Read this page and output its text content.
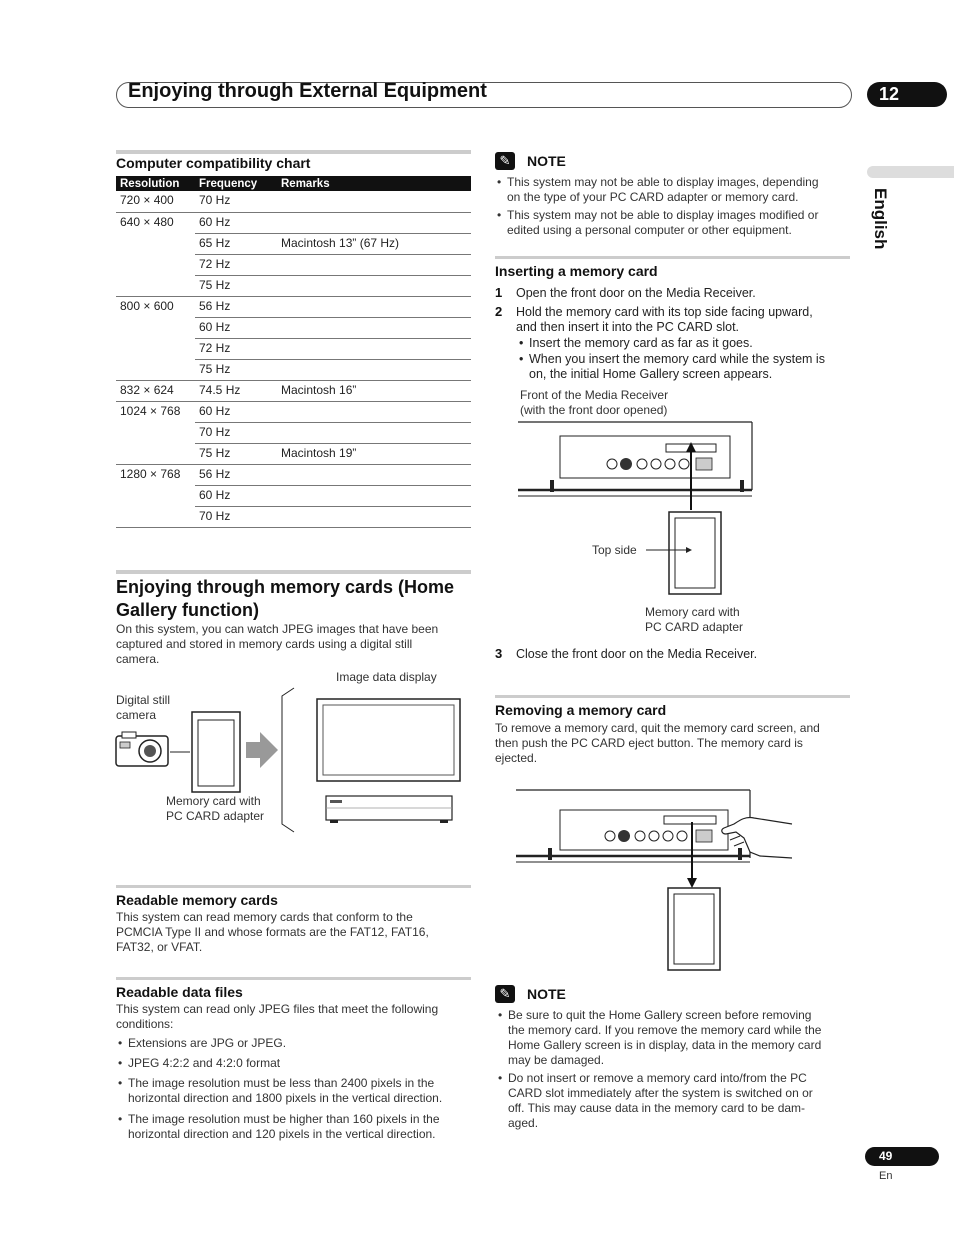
Enjoying through External Equipment	12
English
Computer compatibility chart
Resolution	Frequency	Remarks
720 × 400	70 Hz	
640 × 480	60 Hz	
	65 Hz	Macintosh 13” (67 Hz)
	72 Hz	
	75 Hz	
800 × 600	56 Hz	
	60 Hz	
	72 Hz	
	75 Hz	
832 × 624	74.5 Hz	Macintosh 16”
1024 × 768	60 Hz	
	70 Hz	
	75 Hz	Macintosh 19”
1280 × 768	56 Hz	
	60 Hz	
	70 Hz	
Enjoying through memory cards (Home
Gallery function)
On this system, you can watch JPEG images that have been
captured and stored in memory cards using a digital still
camera.
Image data display
Digital still
camera
Memory card with
PC CARD adapter
Readable memory cards
This system can read memory cards that conform to the
PCMCIA Type II and whose formats are the FAT12, FAT16,
FAT32, or VFAT.
Readable data files
This system can read only JPEG files that meet the following
conditions:
• Extensions are JPG or JPEG.
• JPEG 4:2:2 and 4:2:0 format
• The image resolution must be less than 2400 pixels in the
horizontal direction and 1800 pixels in the vertical direction.
• The image resolution must be higher than 160 pixels in the
horizontal direction and 120 pixels in the vertical direction.
✎	NOTE
• This system may not be able to display images, depending
on the type of your PC CARD adapter or memory card.
• This system may not be able to display images modified or
edited using a personal computer or other equipment.
Inserting a memory card
1 Open the front door on the Media Receiver.
2 Hold the memory card with its top side facing upward,
and then insert it into the PC CARD slot.
• Insert the memory card as far as it goes.
• When you insert the memory card while the system is
on, the initial Home Gallery screen appears.
Front of the Media Receiver
(with the front door opened)
Top side
Memory card with
PC CARD adapter
3 Close the front door on the Media Receiver.
Removing a memory card
To remove a memory card, quit the memory card screen, and
then push the PC CARD eject button. The memory card is
ejected.
✎	NOTE
• Be sure to quit the Home Gallery screen before removing
the memory card. If you remove the memory card while the
Home Gallery screen is in display, data in the memory card
may be damaged.
• Do not insert or remove a memory card into/from the PC
CARD slot immediately after the system is switched on or
off. This may cause data in the memory card to be dam-
aged.
49
En
